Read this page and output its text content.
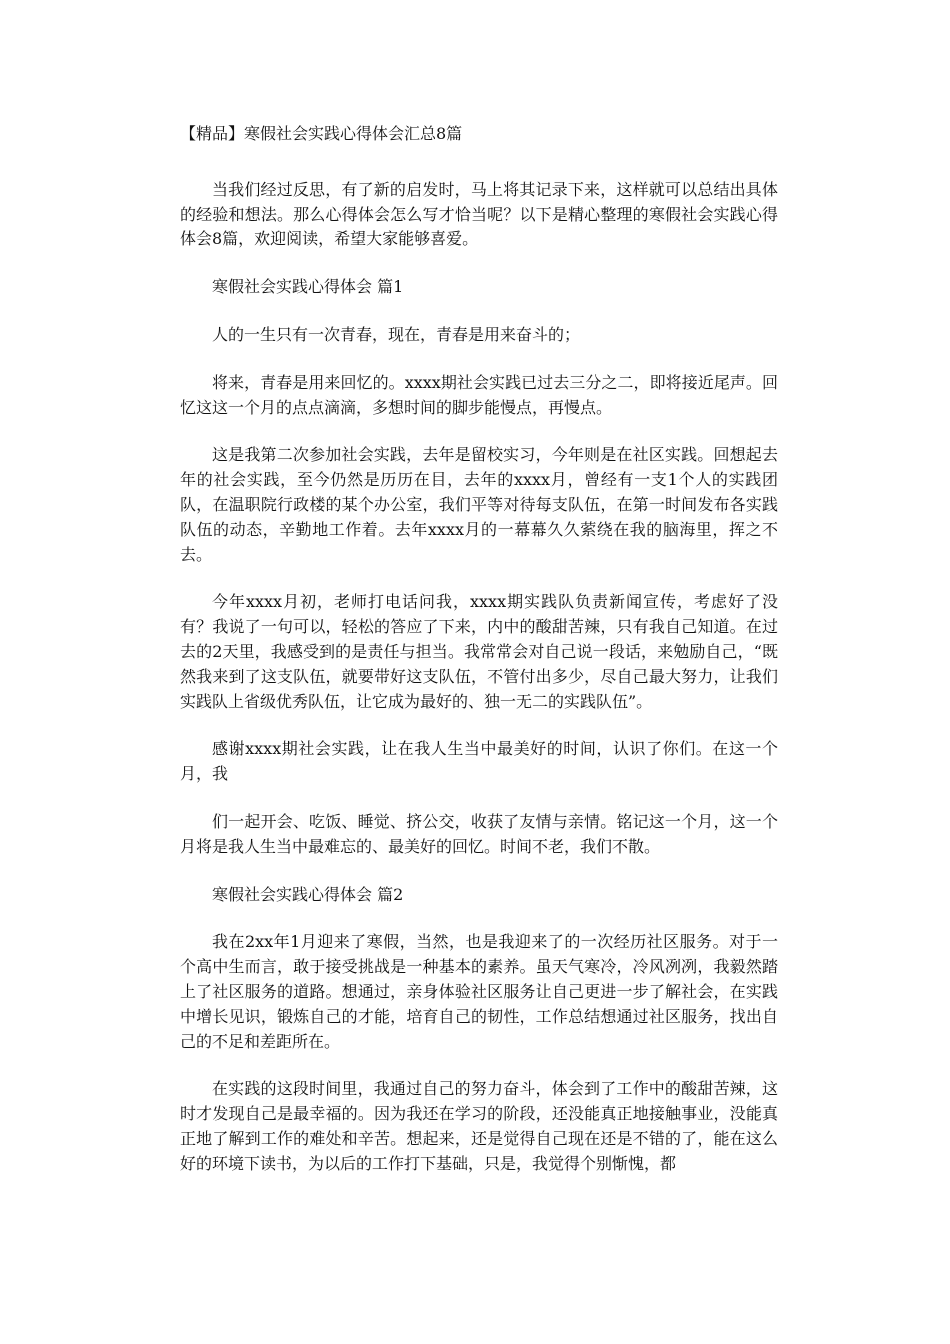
【精品】寒假社会实践心得体会汇总8篇
当我们经过反思，有了新的启发时，马上将其记录下来，这样就可以总结出具体的经验和想法。那么心得体会怎么写才恰当呢？以下是精心整理的寒假社会实践心得体会8篇，欢迎阅读，希望大家能够喜爱。
寒假社会实践心得体会 篇1
人的一生只有一次青春，现在，青春是用来奋斗的；
将来，青春是用来回忆的。xxxx期社会实践已过去三分之二，即将接近尾声。回忆这这一个月的点点滴滴，多想时间的脚步能慢点，再慢点。
这是我第二次参加社会实践，去年是留校实习，今年则是在社区实践。回想起去年的社会实践，至今仍然是历历在目，去年的xxxx月，曾经有一支1个人的实践团队，在温职院行政楼的某个办公室，我们平等对待每支队伍，在第一时间发布各实践队伍的动态，辛勤地工作着。去年xxxx月的一幕幕久久萦绕在我的脑海里，挥之不去。
今年xxxx月初，老师打电话问我，xxxx期实践队负责新闻宣传，考虑好了没有？我说了一句可以，轻松的答应了下来，内中的酸甜苦辣，只有我自己知道。在过去的2天里，我感受到的是责任与担当。我常常会对自己说一段话，来勉励自己，“既然我来到了这支队伍，就要带好这支队伍，不管付出多少，尽自己最大努力，让我们实践队上省级优秀队伍，让它成为最好的、独一无二的实践队伍”。
感谢xxxx期社会实践，让在我人生当中最美好的时间，认识了你们。在这一个月，我
们一起开会、吃饭、睡觉、挤公交，收获了友情与亲情。铭记这一个月，这一个月将是我人生当中最难忘的、最美好的回忆。时间不老，我们不散。
寒假社会实践心得体会 篇2
我在2xx年1月迎来了寒假，当然，也是我迎来了的一次经历社区服务。对于一个高中生而言，敢于接受挑战是一种基本的素养。虽天气寒冷，冷风冽冽，我毅然踏上了社区服务的道路。想通过，亲身体验社区服务让自己更进一步了解社会，在实践中增长见识，锻炼自己的才能，培育自己的韧性，工作总结想通过社区服务，找出自己的不足和差距所在。
在实践的这段时间里，我通过自己的努力奋斗，体会到了工作中的酸甜苦辣，这时才发现自己是最幸福的。因为我还在学习的阶段，还没能真正地接触事业，没能真正地了解到工作的难处和辛苦。想起来，还是觉得自己现在还是不错的了，能在这么好的环境下读书，为以后的工作打下基础，只是，我觉得个别惭愧，都
